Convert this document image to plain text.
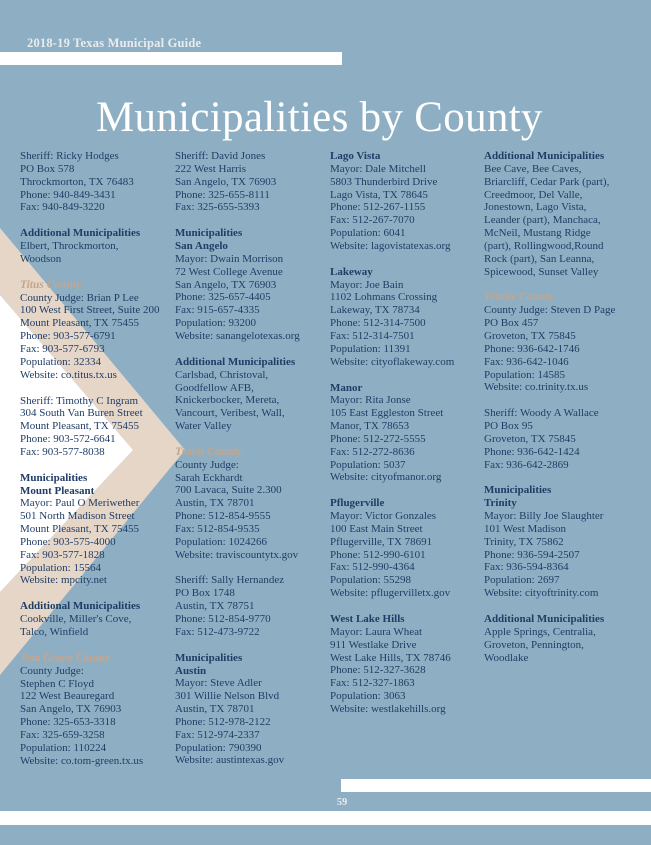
2018-19 Texas Municipal Guide
Municipalities by County
Sheriff: Ricky Hodges
PO Box 578
Throckmorton, TX 76483
Phone: 940-849-3431
Fax: 940-849-3220
Additional Municipalities
Elbert, Throckmorton,
Woodson
Titus County
County Judge: Brian P Lee
100 West First Street, Suite 200
Mount Pleasant, TX 75455
Phone: 903-577-6791
Fax: 903-577-6793
Population: 32334
Website: co.titus.tx.us
Sheriff: Timothy C Ingram
304 South Van Buren Street
Mount Pleasant, TX 75455
Phone: 903-572-6641
Fax: 903-577-8038
Municipalities
Mount Pleasant
Mayor: Paul O Meriwether
501 North Madison Street
Mount Pleasant, TX 75455
Phone: 903-575-4000
Fax: 903-577-1828
Population: 15564
Website: mpcity.net
Additional Municipalities
Cookville, Miller's Cove,
Talco, Winfield
Tom Green County
County Judge:
Stephen C Floyd
122 West Beauregard
San Angelo, TX 76903
Phone: 325-653-3318
Fax: 325-659-3258
Population: 110224
Website: co.tom-green.tx.us
Sheriff: David Jones
222 West Harris
San Angelo, TX 76903
Phone: 325-655-8111
Fax: 325-655-5393
Municipalities
San Angelo
Mayor: Dwain Morrison
72 West College Avenue
San Angelo, TX 76903
Phone: 325-657-4405
Fax: 915-657-4335
Population: 93200
Website: sanangelotexas.org
Additional Municipalities
Carlsbad, Christoval,
Goodfellow AFB,
Knickerbocker, Mereta,
Vancourt, Veribest, Wall,
Water Valley
Travis County
County Judge:
Sarah Eckhardt
700 Lavaca, Suite 2.300
Austin, TX 78701
Phone: 512-854-9555
Fax: 512-854-9535
Population: 1024266
Website: traviscountytx.gov
Sheriff: Sally Hernandez
PO Box 1748
Austin, TX 78751
Phone: 512-854-9770
Fax: 512-473-9722
Municipalities
Austin
Mayor: Steve Adler
301 Willie Nelson Blvd
Austin, TX 78701
Phone: 512-978-2122
Fax: 512-974-2337
Population: 790390
Website: austintexas.gov
Lago Vista
Mayor: Dale Mitchell
5803 Thunderbird Drive
Lago Vista, TX 78645
Phone: 512-267-1155
Fax: 512-267-7070
Population: 6041
Website: lagovistatexas.org
Lakeway
Mayor: Joe Bain
1102 Lohmans Crossing
Lakeway, TX 78734
Phone: 512-314-7500
Fax: 512-314-7501
Population: 11391
Website: cityoflakeway.com
Manor
Mayor: Rita Jonse
105 East Eggleston Street
Manor, TX 78653
Phone: 512-272-5555
Fax: 512-272-8636
Population: 5037
Website: cityofmanor.org
Pflugerville
Mayor: Victor Gonzales
100 East Main Street
Pflugerville, TX 78691
Phone: 512-990-6101
Fax: 512-990-4364
Population: 55298
Website: pflugervilletx.gov
West Lake Hills
Mayor: Laura Wheat
911 Westlake Drive
West Lake Hills, TX 78746
Phone: 512-327-3628
Fax: 512-327-1863
Population: 3063
Website: westlakehills.org
Additional Municipalities
Bee Cave, Bee Caves,
Briarcliff, Cedar Park (part),
Creedmoor, Del Valle,
Jonestown, Lago Vista,
Leander (part), Manchaca,
McNeil, Mustang Ridge
(part), Rollingwood,Round
Rock (part), San Leanna,
Spicewood, Sunset Valley
Trinity County
County Judge: Steven D Page
PO Box 457
Groveton, TX 75845
Phone: 936-642-1746
Fax: 936-642-1046
Population: 14585
Website: co.trinity.tx.us
Sheriff: Woody A Wallace
PO Box 95
Groveton, TX 75845
Phone: 936-642-1424
Fax: 936-642-2869
Municipalities
Trinity
Mayor: Billy Joe Slaughter
101 West Madison
Trinity, TX 75862
Phone: 936-594-2507
Fax: 936-594-8364
Population: 2697
Website: cityoftrinity.com
Additional Municipalities
Apple Springs, Centralia,
Groveton, Pennington,
Woodlake
59
